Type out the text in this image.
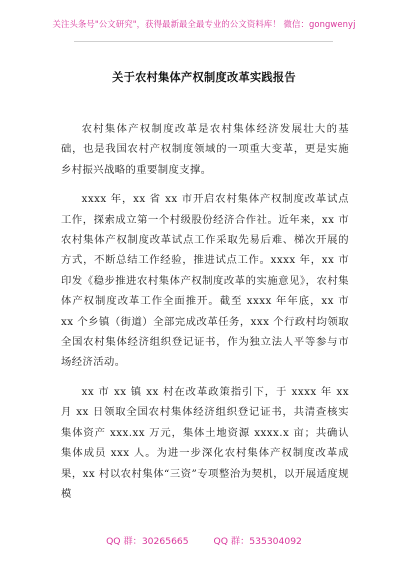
关注头条号"公文研究"，获得最新最全最专业的公文资料库！ 微信：gongwenyj
关于农村集体产权制度改革实践报告

农村集体产权制度改革是农村集体经济发展壮大的基础，也是我国农村产权制度领域的一项重大变革，更是实施乡村振兴战略的重要制度支撑。

xxxx 年，xx 省 xx 市开启农村集体产权制度改革试点工作，探索成立第一个村级股份经济合作社。近年来，xx 市农村集体产权制度改革试点工作采取先易后难、梯次开展的方式，不断总结工作经验，推进试点工作。xxxx 年，xx 市印发《稳步推进农村集体产权制度改革的实施意见》，农村集体产权制度改革工作全面推开。截至 xxxx 年年底，xx 市 xx 个乡镇（街道）全部完成改革任务，xxx 个行政村均领取全国农村集体经济组织登记证书，作为独立法人平等参与市场经济活动。

xx 市 xx 镇 xx 村在改革政策指引下，于 xxxx 年 xx 月 xx 日领取全国农村集体经济组织登记证书，共清查核实集体资产 xxx.xx 万元，集体土地资源 xxxx.x 亩；共确认集体成员 xxx 人。为进一步深化农村集体产权制度改革成果，xx 村以农村集体“三资”专项整治为契机，以开展适度规模

QQ 群：30265665	QQ 群：535304092
